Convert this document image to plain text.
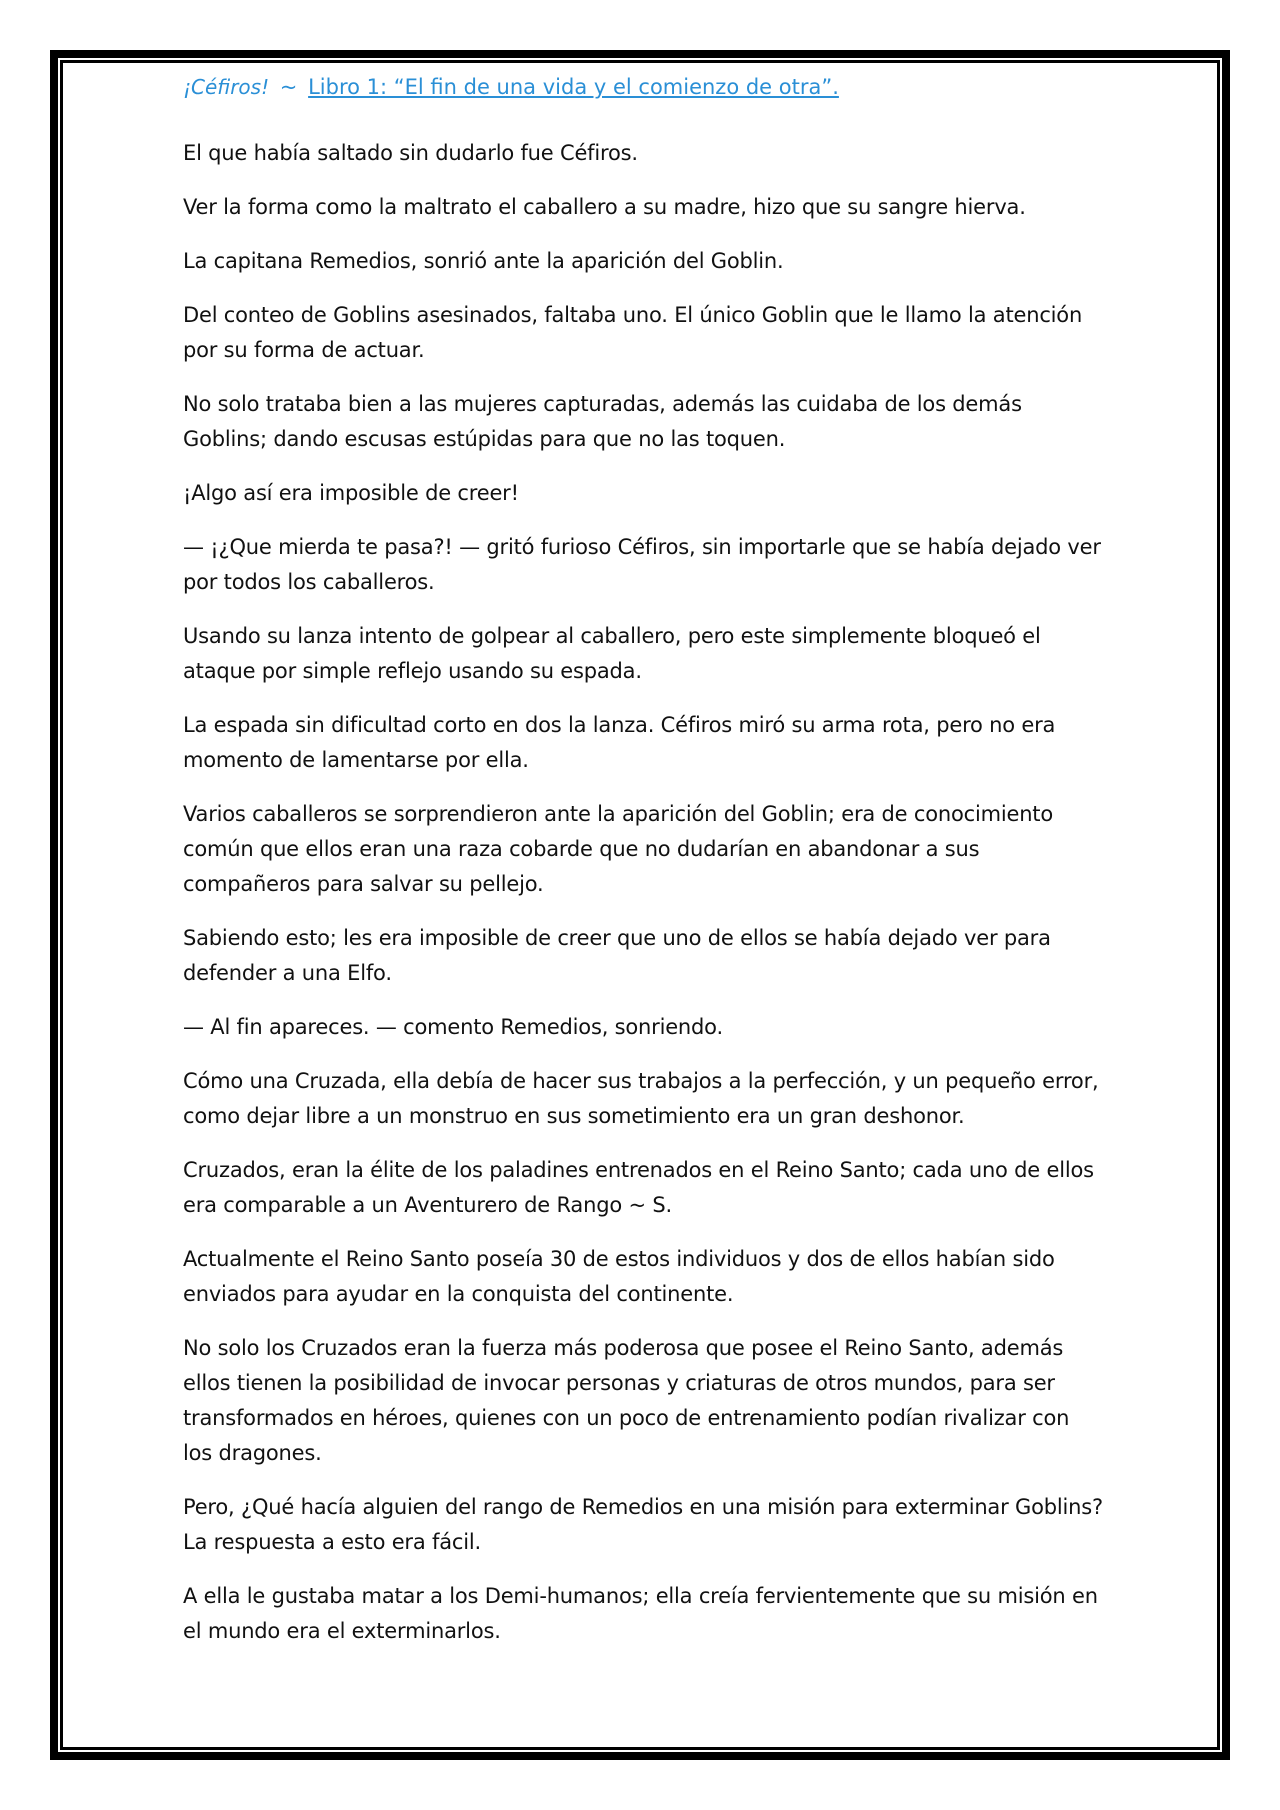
¡Céfiros! ~ Libro 1: “El fin de una vida y el comienzo de otra”.

El que había saltado sin dudarlo fue Céfiros.

Ver la forma como la maltrato el caballero a su madre, hizo que su sangre hierva.

La capitana Remedios, sonrió ante la aparición del Goblin.

Del conteo de Goblins asesinados, faltaba uno. El único Goblin que le llamo la atención por su forma de actuar.

No solo trataba bien a las mujeres capturadas, además las cuidaba de los demás Goblins; dando escusas estúpidas para que no las toquen.

¡Algo así era imposible de creer!

— ¡¿Que mierda te pasa?! — gritó furioso Céfiros, sin importarle que se había dejado ver por todos los caballeros.

Usando su lanza intento de golpear al caballero, pero este simplemente bloqueó el ataque por simple reflejo usando su espada.

La espada sin dificultad corto en dos la lanza. Céfiros miró su arma rota, pero no era momento de lamentarse por ella.

Varios caballeros se sorprendieron ante la aparición del Goblin; era de conocimiento común que ellos eran una raza cobarde que no dudarían en abandonar a sus compañeros para salvar su pellejo.

Sabiendo esto; les era imposible de creer que uno de ellos se había dejado ver para defender a una Elfo.

— Al fin apareces. — comento Remedios, sonriendo.

Cómo una Cruzada, ella debía de hacer sus trabajos a la perfección, y un pequeño error, como dejar libre a un monstruo en sus sometimiento era un gran deshonor.

Cruzados, eran la élite de los paladines entrenados en el Reino Santo; cada uno de ellos era comparable a un Aventurero de Rango ~ S.

Actualmente el Reino Santo poseía 30 de estos individuos y dos de ellos habían sido enviados para ayudar en la conquista del continente.

No solo los Cruzados eran la fuerza más poderosa que posee el Reino Santo, además ellos tienen la posibilidad de invocar personas y criaturas de otros mundos, para ser transformados en héroes, quienes con un poco de entrenamiento podían rivalizar con los dragones.

Pero, ¿Qué hacía alguien del rango de Remedios en una misión para exterminar Goblins? La respuesta a esto era fácil.

A ella le gustaba matar a los Demi-humanos; ella creía fervientemente que su misión en el mundo era el exterminarlos.
